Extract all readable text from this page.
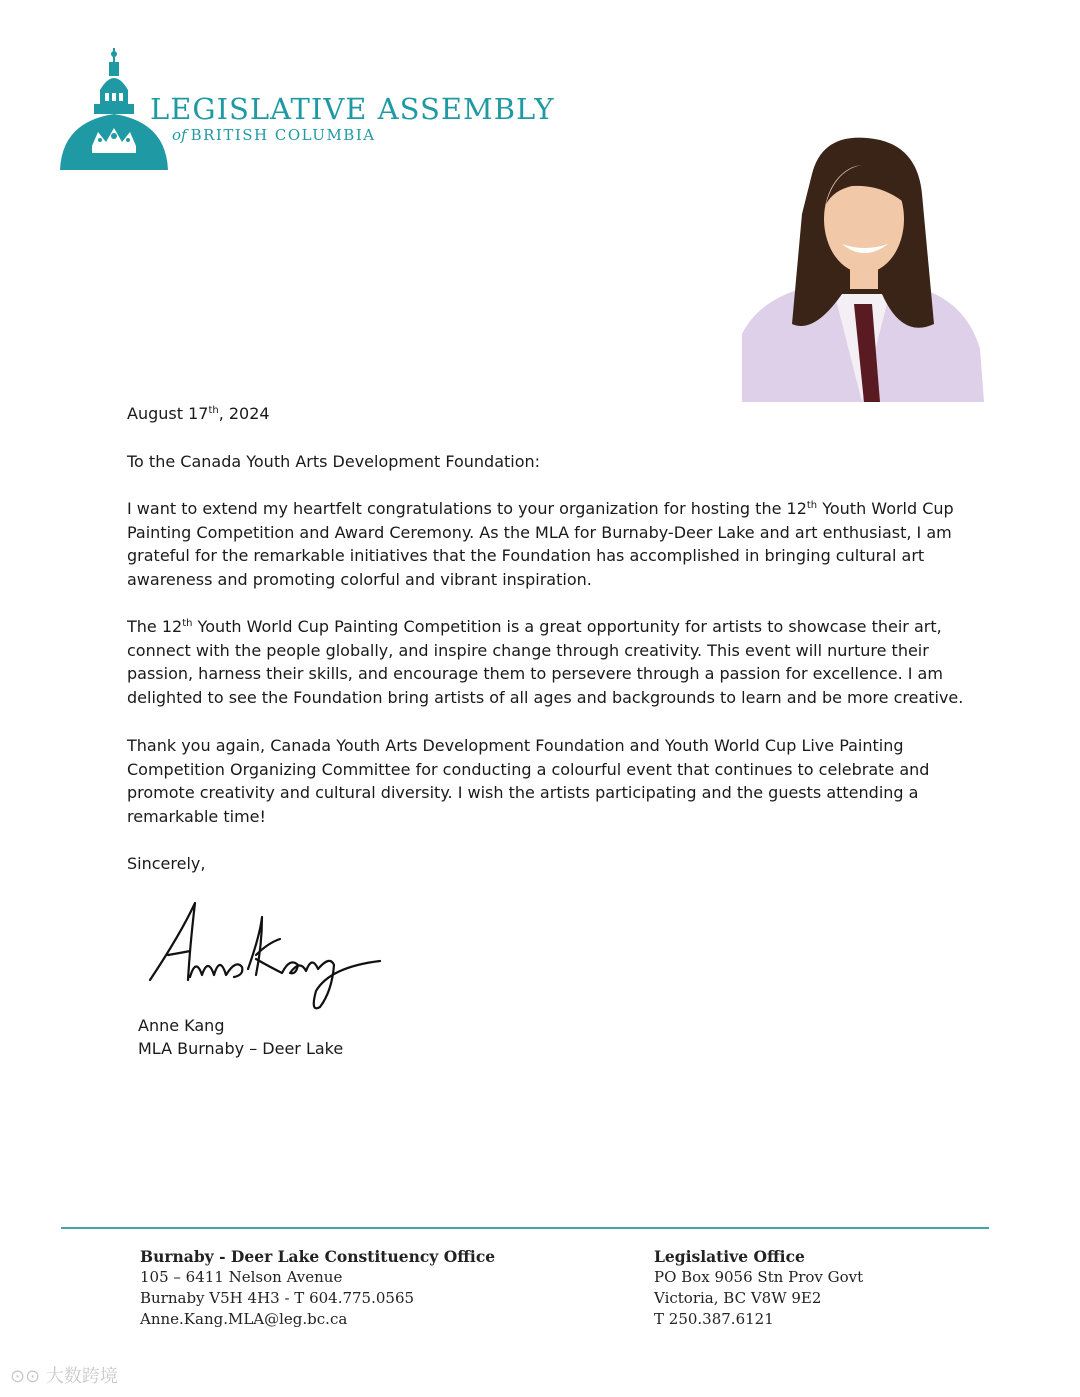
LEGISLATIVE ASSEMBLY
of BRITISH COLUMBIA

August 17th, 2024

To the Canada Youth Arts Development Foundation:

I want to extend my heartfelt congratulations to your organization for hosting the 12th Youth World Cup

Painting Competition and Award Ceremony. As the MLA for Burnaby-Deer Lake and art enthusiast, I am

grateful for the remarkable initiatives that the Foundation has accomplished in bringing cultural art

awareness and promoting colorful and vibrant inspiration.

The 12th Youth World Cup Painting Competition is a great opportunity for artists to showcase their art,

connect with the people globally, and inspire change through creativity. This event will nurture their

passion, harness their skills, and encourage them to persevere through a passion for excellence. I am

delighted to see the Foundation bring artists of all ages and backgrounds to learn and be more creative.

Thank you again, Canada Youth Arts Development Foundation and Youth World Cup Live Painting

Competition Organizing Committee for conducting a colourful event that continues to celebrate and

promote creativity and cultural diversity. I wish the artists participating and the guests attending a

remarkable time!

Sincerely,

Anne Kang
MLA Burnaby – Deer Lake
Burnaby - Deer Lake Constituency Office
105 – 6411 Nelson Avenue
Burnaby V5H 4H3 - T 604.775.0565
Anne.Kang.MLA@leg.bc.ca
Legislative Office
PO Box 9056 Stn Prov Govt
Victoria, BC V8W 9E2
T 250.387.6121
⊙⊙ 大数跨境
